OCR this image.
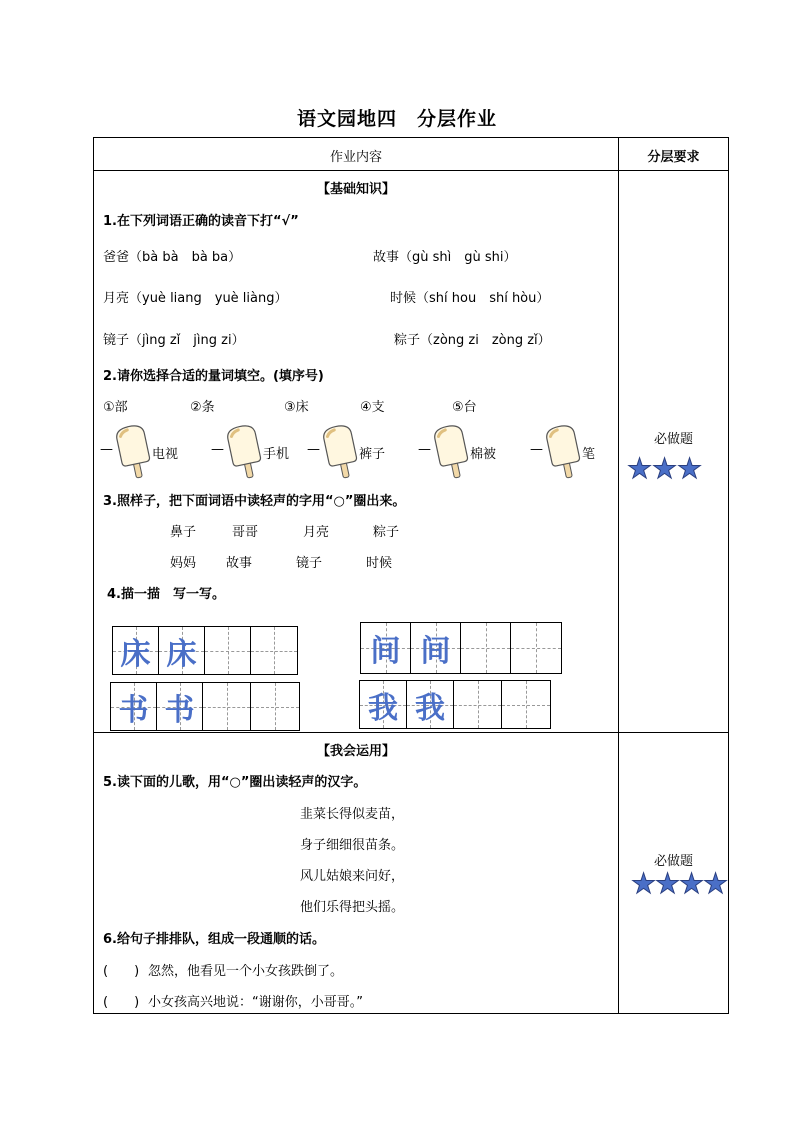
语文园地四　分层作业
作业内容	分层要求
【基础知识】
1.在下列词语正确的读音下打“√”
爸爸（bà bà　bà ba）	故事（gù shì　gù shi）
月亮（yuè liang　yuè liàng）	时候（shí hou　shí hòu）
镜子（jìng zǐ　jìng zi）	粽子（zòng zi　zòng zǐ）
2.请你选择合适的量词填空。(填序号)
①部	②条	③床	④支	⑤台
—	电视	—	手机 —	裤子	—	棉被	—	笔
3.照样子，把下面词语中读轻声的字用“○”圈出来。
鼻子	哥哥	月亮	粽子
妈妈 故事	镜子	时候
4.描一描　写一写。
床 床	间 间
书 书	我 我
必做题
★ ★ ★
【我会运用】
5.读下面的儿歌，用“○”圈出读轻声的汉字。
韭菜长得似麦苗，
身子细细很苗条。
风儿姑娘来问好，
他们乐得把头摇。
6.给句子排排队，组成一段通顺的话。
(　　) 忽然，他看见一个小女孩跌倒了。
(　　) 小女孩高兴地说：“谢谢你，小哥哥。”
必做题
★
★
★
★
